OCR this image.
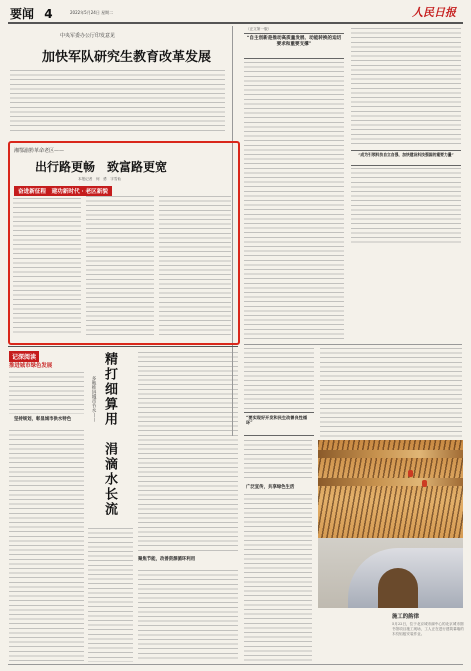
要闻 4	2022年5月24日 星期二	人民日报
中央军委办公厅印发意见
加快军队研究生教育改革发展
湘鄂渝黔革命老区——
出行路更畅　致富路更宽
本报记者　何　勇　宇雪仙
奋进新征程　建功新时代 · 老区新貌
（正文第一版）
“自主创新是推动高质量发展、动能转换的迫切要求和重要支撑”
“成为引领科技自立自强、加快建设科技强国的重要力量”
“要实现好开发和民生改善良性循环”
记深阅读
推进城市绿色发展
坚持规划，彰显城市供水特色	多地推进城市节水—— 精打细算用　涓滴水长流
聚焦节能，改善资源循环利用
广泛宣传，共享绿色生活
施工的韵律
5月22日，位于北京城市副中心的北京城市图书馆项目施工现场，工人正在进行建筑幕墙的木纹铝板安装作业。
